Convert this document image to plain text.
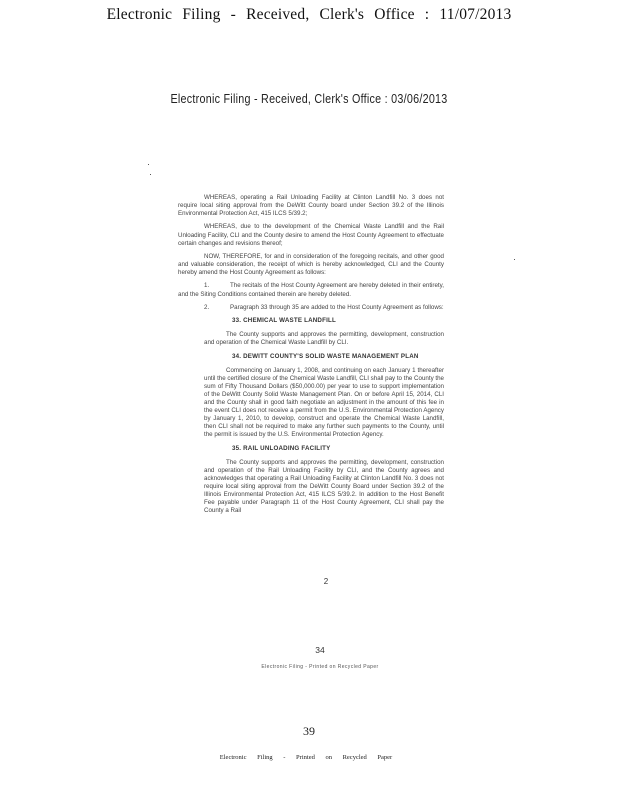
Electronic Filing - Received, Clerk's Office : 11/07/2013
Electronic Filing - Received, Clerk's Office : 03/06/2013

WHEREAS, operating a Rail Unloading Facility at Clinton Landfill No. 3 does not require local siting approval from the DeWitt County board under Section 39.2 of the Illinois Environmental Protection Act, 415 ILCS 5/39.2;

WHEREAS, due to the development of the Chemical Waste Landfill and the Rail Unloading Facility, CLI and the County desire to amend the Host County Agreement to effectuate certain changes and revisions thereof;

NOW, THEREFORE, for and in consideration of the foregoing recitals, and other good and valuable consideration, the receipt of which is hereby acknowledged, CLI and the County hereby amend the Host County Agreement as follows:

1.	The recitals of the Host County Agreement are hereby deleted in their entirety, and the Siting Conditions contained therein are hereby deleted.

2.	Paragraph 33 through 35 are added to the Host County Agreement as follows:

33. CHEMICAL WASTE LANDFILL

The County supports and approves the permitting, development, construction and operation of the Chemical Waste Landfill by CLI.

34. DEWITT COUNTY'S SOLID WASTE MANAGEMENT PLAN

Commencing on January 1, 2008, and continuing on each January 1 thereafter until the certified closure of the Chemical Waste Landfill, CLI shall pay to the County the sum of Fifty Thousand Dollars ($50,000.00) per year to use to support implementation of the DeWitt County Solid Waste Management Plan. On or before April 15, 2014, CLI and the County shall in good faith negotiate an adjustment in the amount of this fee in the event CLI does not receive a permit from the U.S. Environmental Protection Agency by January 1, 2010, to develop, construct and operate the Chemical Waste Landfill, then CLI shall not be required to make any further such payments to the County, until the permit is issued by the U.S. Environmental Protection Agency.

35. RAIL UNLOADING FACILITY

The County supports and approves the permitting, development, construction and operation of the Rail Unloading Facility by CLI, and the County agrees and acknowledges that operating a Rail Unloading Facility at Clinton Landfill No. 3 does not require local siting approval from the DeWitt County Board under Section 39.2 of the Illinois Environmental Protection Act, 415 ILCS 5/39.2. In addition to the Host Benefit Fee payable under Paragraph 11 of the Host County Agreement, CLI shall pay the County a Rail

2
34
Electronic Filing - Printed on Recycled Paper
39
Electronic Filing - Printed on Recycled Paper
